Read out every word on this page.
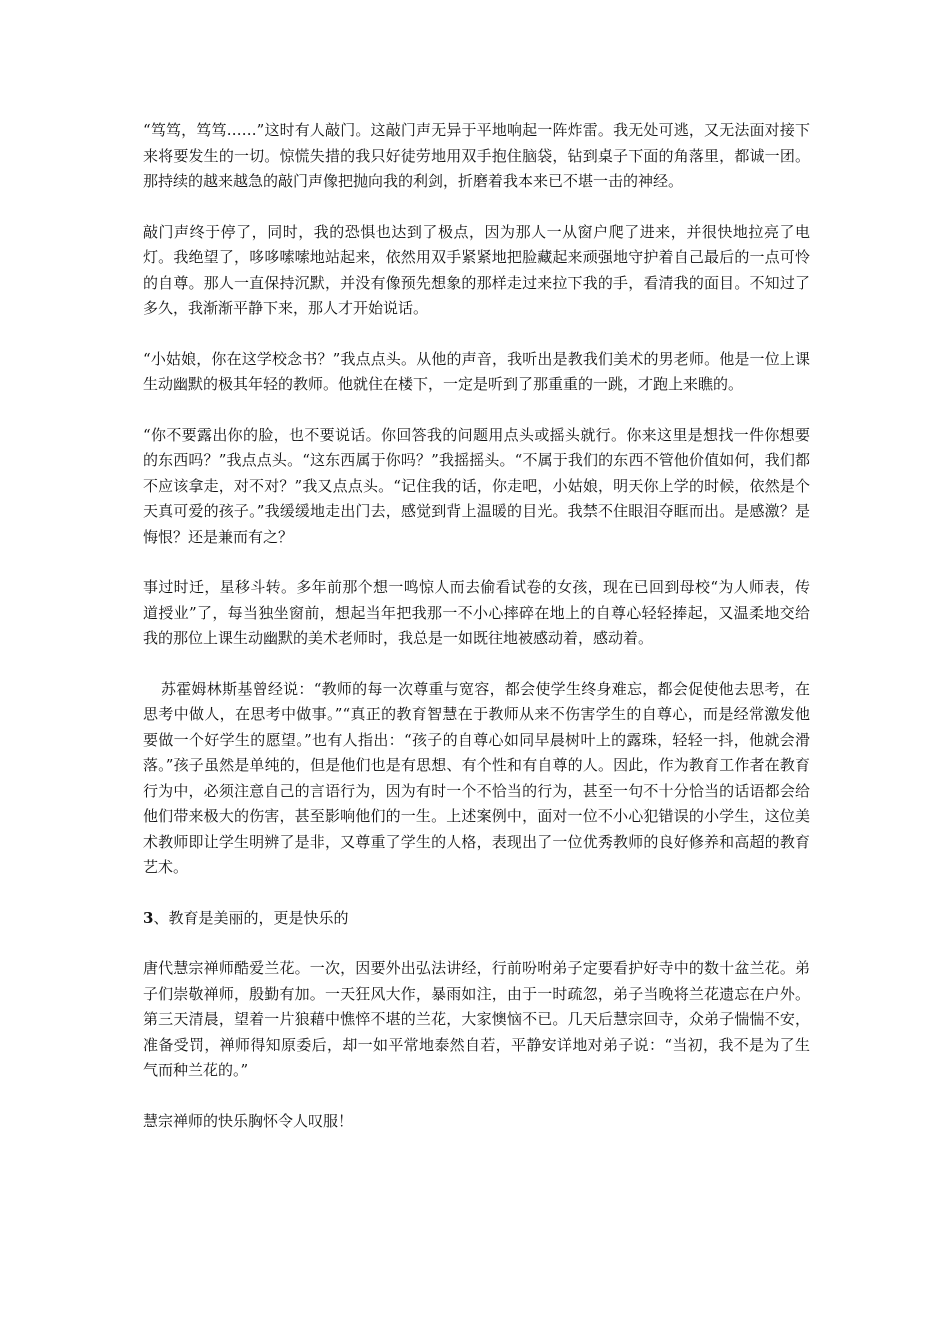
“笃笃，笃笃……”这时有人敲门。这敲门声无异于平地响起一阵炸雷。我无处可逃，又无法面对接下来将要发生的一切。惊慌失措的我只好徒劳地用双手抱住脑袋，钻到桌子下面的角落里，都诚一团。那持续的越来越急的敲门声像把抛向我的利剑，折磨着我本来已不堪一击的神经。

敲门声终于停了，同时，我的恐惧也达到了极点，因为那人一从窗户爬了进来，并很快地拉亮了电灯。我绝望了，哆哆嗦嗦地站起来，依然用双手紧紧地把脸藏起来顽强地守护着自己最后的一点可怜的自尊。那人一直保持沉默，并没有像预先想象的那样走过来拉下我的手，看清我的面目。不知过了多久，我渐渐平静下来，那人才开始说话。

“小姑娘，你在这学校念书？”我点点头。从他的声音，我听出是教我们美术的男老师。他是一位上课生动幽默的极其年轻的教师。他就住在楼下，一定是听到了那重重的一跳，才跑上来瞧的。

“你不要露出你的脸，也不要说话。你回答我的问题用点头或摇头就行。你来这里是想找一件你想要的东西吗？”我点点头。“这东西属于你吗？”我摇摇头。“不属于我们的东西不管他价值如何，我们都不应该拿走，对不对？”我又点点头。“记住我的话，你走吧，小姑娘，明天你上学的时候，依然是个天真可爱的孩子。”我缓缓地走出门去，感觉到背上温暖的目光。我禁不住眼泪夺眶而出。是感激？是悔恨？还是兼而有之？

事过时迁，星移斗转。多年前那个想一鸣惊人而去偷看试卷的女孩，现在已回到母校“为人师表，传道授业”了，每当独坐窗前，想起当年把我那一不小心摔碎在地上的自尊心轻轻捧起，又温柔地交给我的那位上课生动幽默的美术老师时，我总是一如既往地被感动着，感动着。

苏霍姆林斯基曾经说：“教师的每一次尊重与宽容，都会使学生终身难忘，都会促使他去思考，在思考中做人，在思考中做事。”“真正的教育智慧在于教师从来不伤害学生的自尊心，而是经常激发他要做一个好学生的愿望。”也有人指出：“孩子的自尊心如同早晨树叶上的露珠，轻轻一抖，他就会滑落。”孩子虽然是单纯的，但是他们也是有思想、有个性和有自尊的人。因此，作为教育工作者在教育行为中，必须注意自己的言语行为，因为有时一个不恰当的行为，甚至一句不十分恰当的话语都会给他们带来极大的伤害，甚至影响他们的一生。上述案例中，面对一位不小心犯错误的小学生，这位美术教师即让学生明辨了是非，又尊重了学生的人格，表现出了一位优秀教师的良好修养和高超的教育艺术。

3、教育是美丽的，更是快乐的

唐代慧宗禅师酷爱兰花。一次，因要外出弘法讲经，行前吩咐弟子定要看护好寺中的数十盆兰花。弟子们崇敬禅师，殷勤有加。一天狂风大作，暴雨如注，由于一时疏忽，弟子当晚将兰花遗忘在户外。第三天清晨，望着一片狼藉中憔悴不堪的兰花，大家懊恼不已。几天后慧宗回寺，众弟子惴惴不安，准备受罚，禅师得知原委后，却一如平常地泰然自若，平静安详地对弟子说：“当初，我不是为了生气而种兰花的。”

慧宗禅师的快乐胸怀令人叹服！
